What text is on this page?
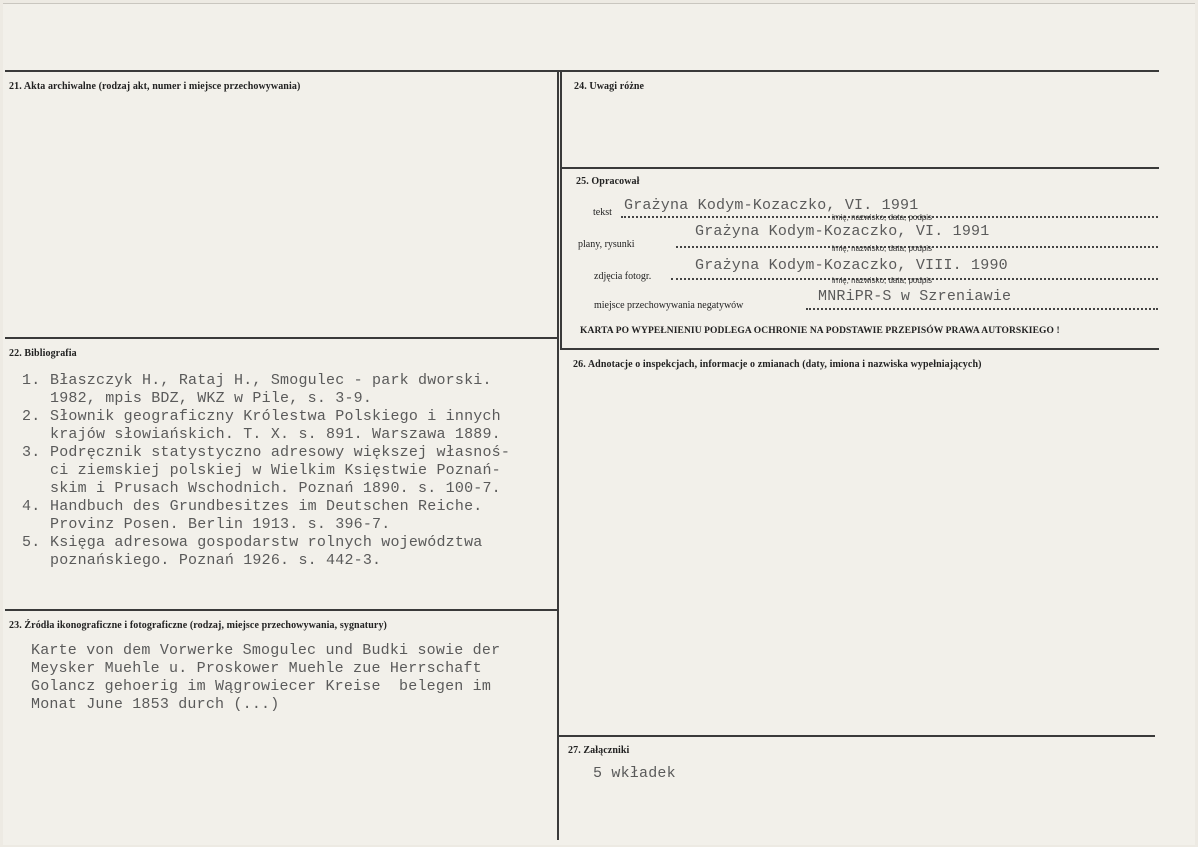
21. Akta archiwalne (rodzaj akt, numer i miejsce przechowywania)
22. Bibliografia
1. Błaszczyk H., Rataj H., Smogulec - park dworski.
1982, mpis BDZ, WKZ w Pile, s. 3-9.
2. Słownik geograficzny Królestwa Polskiego i innych
krajów słowiańskich. T. X. s. 891. Warszawa 1889.
3. Podręcznik statystyczno adresowy większej własnoś-
ci ziemskiej polskiej w Wielkim Księstwie Poznań-
skim i Prusach Wschodnich. Poznań 1890. s. 100-7.
4. Handbuch des Grundbesitzes im Deutschen Reiche.
Provinz Posen. Berlin 1913. s. 396-7.
5. Księga adresowa gospodarstw rolnych województwa
poznańskiego. Poznań 1926. s. 442-3.
23. Źródła ikonograficzne i fotograficzne (rodzaj, miejsce przechowywania, sygnatury)
Karte von dem Vorwerke Smogulec und Budki sowie der
Meysker Muehle u. Proskower Muehle zue Herrschaft
Golancz gehoerig im Wągrowiecer Kreise  belegen im
Monat June 1853 durch (...)
24. Uwagi różne
25. Opracował
tekst Grażyna Kodym-Kozaczko, VI. 1991
imię, nazwisko, data, podpis
plany, rysunki
Grażyna Kodym-Kozaczko, VI. 1991
imię, nazwisko, data, podpis
zdjęcia fotogr.
Grażyna Kodym-Kozaczko, VIII. 1990
imię, nazwisko, data, podpis
miejsce przechowywania negatywów
MNRiPR-S w Szreniawie
KARTA PO WYPEŁNIENIU PODLEGA OCHRONIE NA PODSTAWIE PRZEPISÓW PRAWA AUTORSKIEGO !
26. Adnotacje o inspekcjach, informacje o zmianach (daty, imiona i nazwiska wypełniających)
27. Załączniki
5 wkładek
